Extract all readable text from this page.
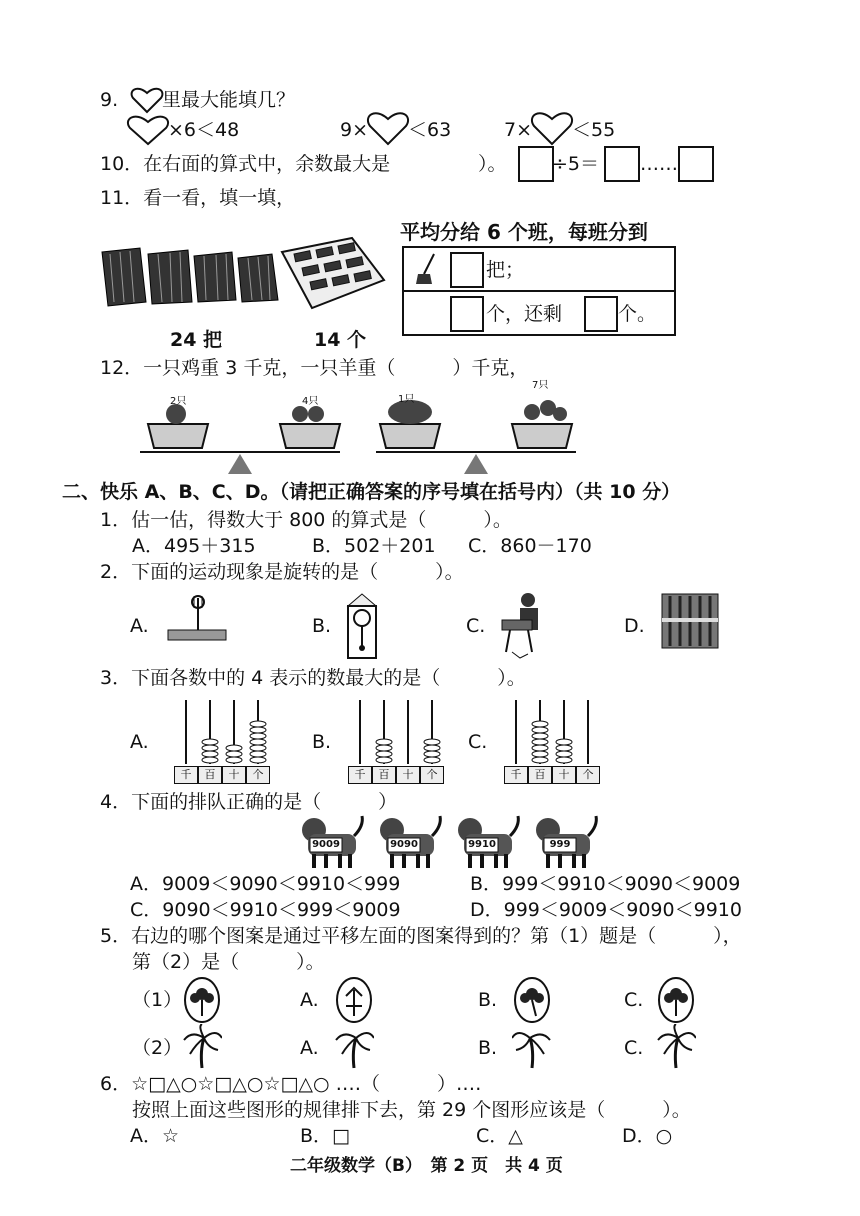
9. 里最大能填几？
×6＜48	9× ＜63	7× ＜55
10．在右面的算式中，余数最大是	）。 ÷5＝ ……
11．看一看，填一填，
24 把	14 个
平均分给 6 个班，每班分到
把；
个，还剩	个。
12．一只鸡重 3 千克，一只羊重（　　　）千克，
2只	4只	1只
7只
二、快乐 A、B、C、D。（请把正确答案的序号填在括号内）（共 10 分）
1．估一估，得数大于 800 的算式是（　　　）。
A．495＋315	B．502＋201 C．860－170
2．下面的运动现象是旋转的是（　　　）。
A.	B.	C.	D.
3．下面各数中的 4 表示的数最大的是（　　　）。
A.
千	百	十	个
B.
千	百	十	个
C.
千	百	十	个
4．下面的排队正确的是（　　　）
9009	9090	9910	999
A．9009＜9090＜9910＜999	B．999＜9910＜9090＜9009
C．9090＜9910＜999＜9009	D．999＜9009＜9090＜9910
5．右边的哪个图案是通过平移左面的图案得到的？第（1）题是（　　　），
第（2）是（　　　）。
（1）	A.	B.	C.
（2）	A.	B.	C.
6．☆□△○☆□△○☆□△○ ‥‥（　　　）‥‥
按照上面这些图形的规律排下去，第 29 个图形应该是（　　　）。
A．☆	B．□	C．△	D．○
二年级数学（B）　第 2 页　共 4 页
